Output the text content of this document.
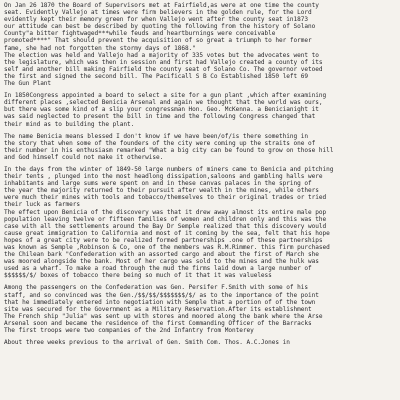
On Jan 26 1870 the Board of Supervisors met at Fairfield,as were at one time the county
seat. Evidently Vallejo at times were firm believers in the golden rule, for the Lord
evidently kept their memory green for when Vallejo went after the county seat in1873
our attitude can best be described by quoting the following from the history of Solano
County"a bitter fightwaged***while feuds and heartburnings were conceivable
promoted****" That should prevent the acquisition of so great a triumph to her former
fame, she had not forgotten the stormy days of 1868."
The election was held and Vallejo had a majority of 335 votes but the advocates went to
the legislature, which was then in session and first had Vallejo created a county of its
self and another bill making Fairfield the county seat of Solano Co. The governor vetoed
the first and signed the second bill. The Pacificall S B Co Established 1850 left 69
The Gun Plant
In 1850Congress appointed a board to select a site for a gun plant ,which after examining
different places ,selected Benicia Arsenal and again we thought that the world was ours,
but there was some kind of a slip your congressman Hon. Geo. McKenna. a Benicianight it
was said neglected to present the bill in time and the following Congress changed that
their mind as to building the plant.
The name Benicia means blessed I don't know if we have been/of/is there something in
the story that when some of the founders of the city were coming up the straits one of
their number in his enthusiasm remarked "What a big city can be found to grow on those hill
and God himself could not make it otherwise.
In the days from the winter of 1849-50 large numbers of miners came to Benicia and pitching
their tents , plunged into the most headlong dissipation,saloons and gambling halls were
inhabitants and large sums were spent on and in these canvas palaces in the spring of
the year the majority returned to their pursuit after wealth in the mines, while others
were much their mines with tools and tobacco/themselves to their original trades or tried
their luck as farmers
The effect upon Benicia of the discovery was that it drew away almost its entire male pop
population leaving twelve or fifteen families of women and children only and this was the
case with all the settlements around the Bay Dr Semple realized that this discovery would
cause great immigration to California and most of it coming by the sea, felt that his hope
hopes of a great city were to be realized formed partnerships .one of these partnerships
was known as Semple ,Robinson & Co, one of the members was R.M.Rimmer. this firm purchased
the Chilean bark "Confederation with an assorted cargo and about the first of March she
was moored alongside the bank. Most of her cargo was sold to the mines and the hulk was
used as a wharf. To make a road through the mud the firms laid down a large number of
$$$$$$/$/ boxes of tobacco there being so much of it that it was valueless
Among the passengers on the Confederation was Gen. Persifer F.Smith with some of his
staff, and so convinced was the Gen./$$/$$/$$$$$$$/$/ as to the importance of the point
that he immediately entered into negotiation with Semple that a portion of of the town
site was secured for the Government as a Military Reservation.After its establishment
The French ship "Julia" was sent up with stores and moored along the bank where the Arse
Arsenal soon and became the residence of the first Commanding Officer of the Barracks
The first troops were two companies of the 2nd Infantry from Monterey
About three weeks previous to the arrival of Gen. Smith Com. Thos. A.C.Jones in
